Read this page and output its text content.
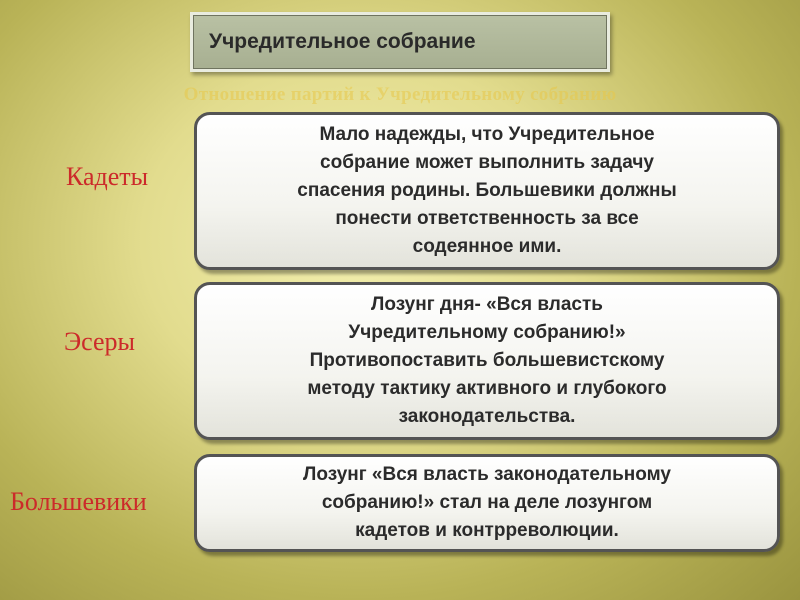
Учредительное собрание
Отношение партий к Учредительному собранию
Кадеты
Мало надежды, что Учредительное
собрание может выполнить задачу
спасения родины. Большевики должны
понести ответственность за все
содеянное ими.
Эсеры
Лозунг дня- «Вся власть
Учредительному собранию!»
Противопоставить большевистскому
методу тактику активного и глубокого
законодательства.
Большевики
Лозунг «Вся власть законодательному
собранию!» стал на деле лозунгом
кадетов и контрреволюции.
